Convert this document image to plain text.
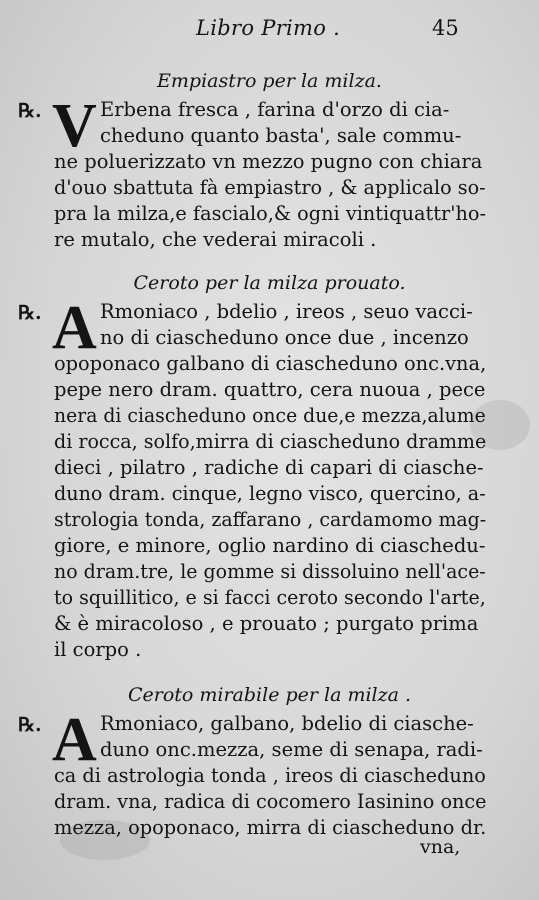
Libro Primo .	45
Empiastro per la milza.
℞. V Erbena fresca , farina d'orzo di cia-
cheduno quanto basta', sale commu-
ne poluerizzato vn mezzo pugno con chiara
d'ouo sbattuta fà empiastro , & applicalo so-
pra la milza,e fascialo,& ogni vintiquattr'ho-
re mutalo, che vederai miracoli .
Ceroto per la milza prouato.
℞. A Rmoniaco , bdelio , ireos , seuo vacci-
no di ciascheduno once due , incenzo
opoponaco galbano di ciascheduno onc.vna,
pepe nero dram. quattro, cera nuoua , pece
nera di ciascheduno once due,e mezza,alume
di rocca, solfo,mirra di ciascheduno dramme
dieci , pilatro , radiche di capari di ciasche-
duno dram. cinque, legno visco, quercino, a-
strologia tonda, zaffarano , cardamomo mag-
giore, e minore, oglio nardino di ciaschedu-
no dram.tre, le gomme si dissoluino nell'ace-
to squillitico, e si facci ceroto secondo l'arte,
& è miracoloso , e prouato ; purgato prima
il corpo .
Ceroto mirabile per la milza .
℞. A Rmoniaco, galbano, bdelio di ciasche-
duno onc.mezza, seme di senapa, radi-
ca di astrologia tonda , ireos di ciascheduno
dram. vna, radica di cocomero Iasinino once
mezza, opoponaco, mirra di ciascheduno dr.
vna,
